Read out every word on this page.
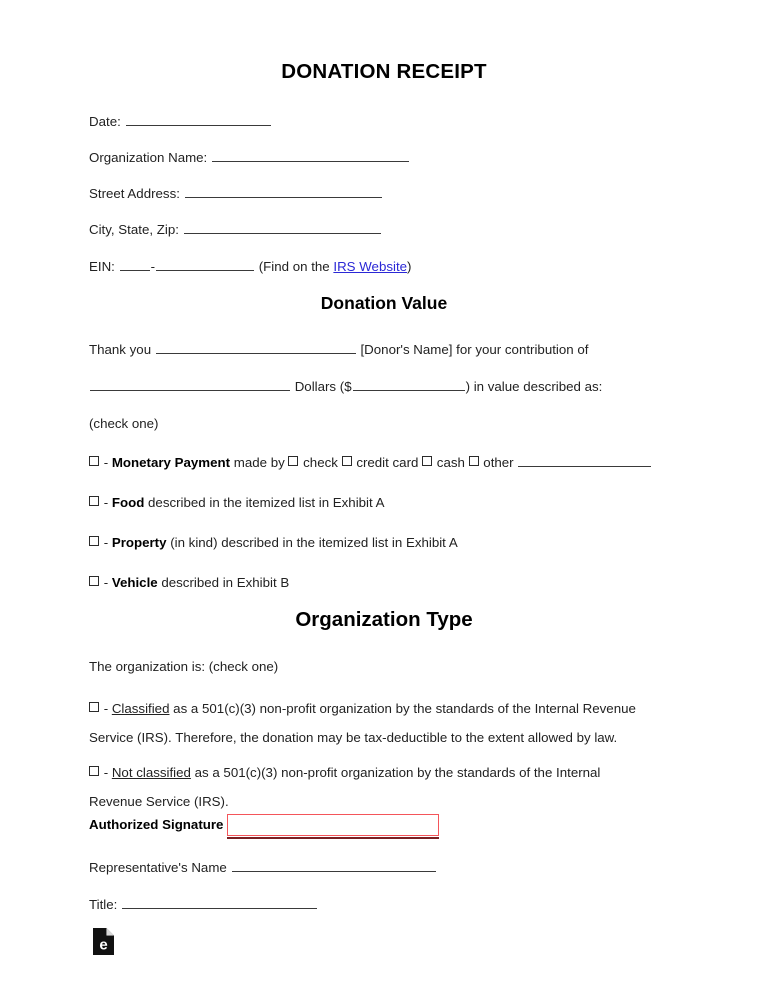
DONATION RECEIPT
Date:
Organization Name:
Street Address:
City, State, Zip:
EIN:	-	(Find on the IRS Website)
Donation Value
Thank you	[Donor's Name] for your contribution of
Dollars ($	) in value described as:
(check one)
- Monetary Payment made by  check credit card cash other
- Food described in the itemized list in Exhibit A
- Property (in kind) described in the itemized list in Exhibit A
- Vehicle described in Exhibit B
Organization Type
The organization is: (check one)
- Classified as a 501(c)(3) non-profit organization by the standards of the Internal Revenue Service (IRS). Therefore, the donation may be tax-deductible to the extent allowed by law.
- Not classified as a 501(c)(3) non-profit organization by the standards of the Internal Revenue Service (IRS).
Authorized Signature
Representative's Name
Title:
e
